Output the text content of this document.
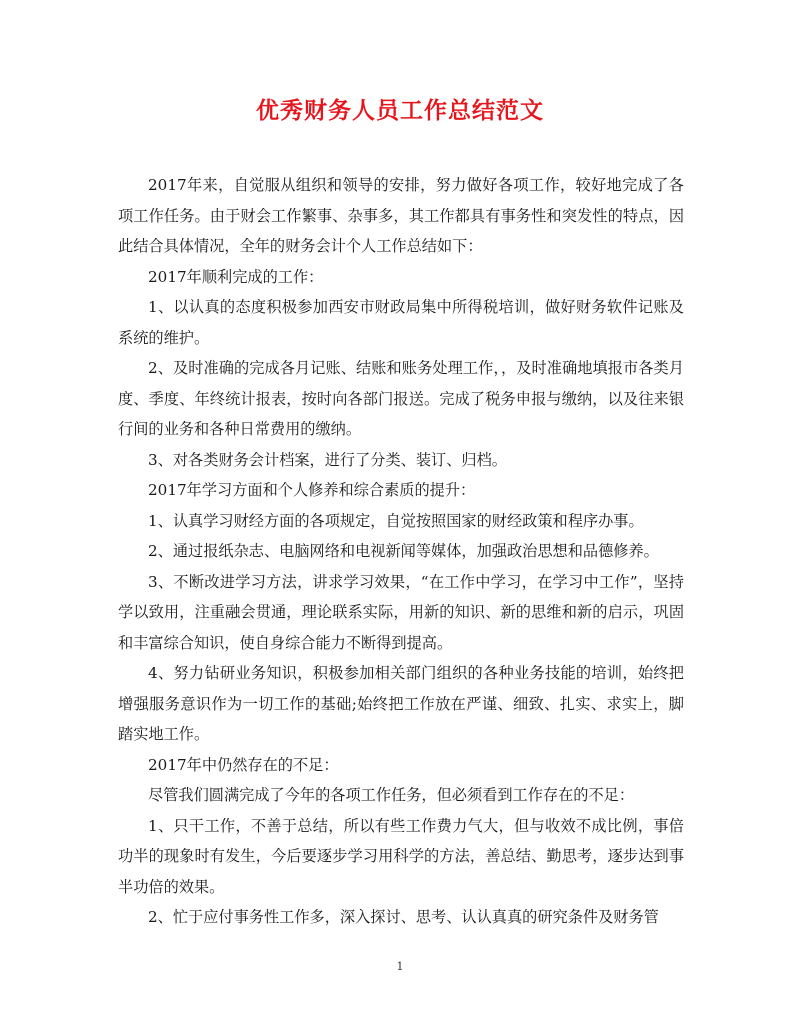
优秀财务人员工作总结范文

2017年来，自觉服从组织和领导的安排，努力做好各项工作，较好地完成了各项工作任务。由于财会工作繁事、杂事多，其工作都具有事务性和突发性的特点，因此结合具体情况，全年的财务会计个人工作总结如下：

2017年顺利完成的工作：

1、以认真的态度积极参加西安市财政局集中所得税培训，做好财务软件记账及系统的维护。

2、及时准确的完成各月记账、结账和账务处理工作，，及时准确地填报市各类月度、季度、年终统计报表，按时向各部门报送。完成了税务申报与缴纳，以及往来银行间的业务和各种日常费用的缴纳。

3、对各类财务会计档案，进行了分类、装订、归档。

2017年学习方面和个人修养和综合素质的提升：

1、认真学习财经方面的各项规定，自觉按照国家的财经政策和程序办事。

2、通过报纸杂志、电脑网络和电视新闻等媒体，加强政治思想和品德修养。

3、不断改进学习方法，讲求学习效果，“在工作中学习，在学习中工作”，坚持学以致用，注重融会贯通，理论联系实际，用新的知识、新的思维和新的启示，巩固和丰富综合知识，使自身综合能力不断得到提高。

4、努力钻研业务知识，积极参加相关部门组织的各种业务技能的培训，始终把增强服务意识作为一切工作的基础;始终把工作放在严谨、细致、扎实、求实上，脚踏实地工作。

2017年中仍然存在的不足：

尽管我们圆满完成了今年的各项工作任务，但必须看到工作存在的不足：

1、只干工作，不善于总结，所以有些工作费力气大，但与收效不成比例，事倍功半的现象时有发生，今后要逐步学习用科学的方法，善总结、勤思考，逐步达到事半功倍的效果。

2、忙于应付事务性工作多，深入探讨、思考、认认真真的研究条件及财务管

1
